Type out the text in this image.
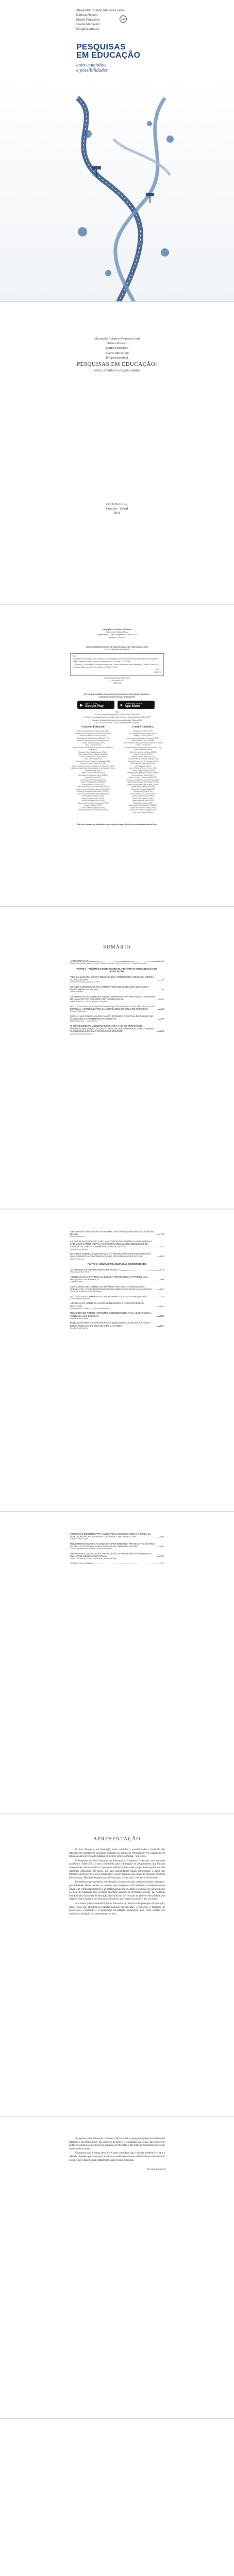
Alexandre Cristino Menezes Leite
Débora Ribeiro
Elaine Francisco
Elaine Marcelino
(Organizadores)
CRV
PESQUISAS
EM EDUCAÇÃO
entre caminhos
e possibilidades
Alexandre Cristino Menezes Leite
Débora Ribeiro
Elaine Francisco
Elaine Marcelino
(Organizadores)
PESQUISAS EM EDUCAÇÃO:
entre caminhos e possibilidades
EDITORA CRV
Curitiba – Brasil
2018
Copyright © da Editora CRV Ltda.
Editor-chefe: Railson Moura
Diagramação e Capa: Designers da Editora CRV
Revisão: Os Autores
DADOS INTERNACIONAIS DE CATALOGAÇÃO NA PUBLICAÇÃO (CIP)
CATALOGAÇÃO NA FONTE
P47
Pesquisas em educação: entre caminhos e possibilidades / Alexandre Cristino Menezes Leite, Débora Ribeiro, Elaine Francisco, Elaine Marcelino (organizadores) – Curitiba : CRV, 2018.
1. Educação 2. Psicologia 3. Políticas educacionais I. Leite, Alexandre Cristino Menezes. II. Ribeiro, Débora. III. Francisco, Elaine. IV. Marcelino, Elaine. V. Título VI. Série
CDU 37
CDD 370
Índice para catálogo sistemático
1. Educação 370
ISBN 978
ESTA OBRA TAMBÉM ENCONTRA-SE DISPONÍVEL EM FORMATO DIGITAL.
CONHEÇA E BAIXE NOSSO APLICATIVO!
▶ GET IT ON
Google Play	● Download on the
App Store
2018
Foi feito o depósito legal conf. Lei 10.994 de 14/12/2004
Proibida a reprodução parcial ou total desta obra sem autorização da Editora CRV
Todos os direitos desta edição reservados pela: Editora CRV
Tel.: (41) 3039-6418 - E-mail: sac@editoracrv.com.br
Conselho Editorial:
Aldira Guimarães Duarte Domínguez (UNB)
Andréia da Silva Quintanilha Sousa (UNIR/UFRN)
Antônio Pereira Gaio Júnior (UFRRJ)
Carlos Alberto Vilar Estêvão (UMINHO – PT)
Carlos Federico Dominguez Avila (Unieuro)
Carmen Tereza Velanga (UNIR)
Celso Conti (UFSCar)
Cesar Gerónimo Tello (Univer. Nacional Três de Febrero – Argentina)
Eduardo Fernandes Barbosa (UFMG)
Elione Maria Nogueira Diogenes (UFAL)
Elizeu Clementino de Souza (UNEB)
Élsio José Corá (UFFS)
Fernando Antônio Gonçalves Alcoforado (IPB)
Francisco Carlos Duarte (PUC-PR)
Gloria Fariñas León (Universidade de La Havana – Cuba)
Guillermo Arias Beatón (Universidade de La Havana – Cuba)
Helmuth Krüger (UCP)
Jailson Alves dos Santos (UFRJ)
João Adalberto Campato Junior (UNESP)
Josania Portela (UFPI)
Leonel Severo Rocha (UNISINOS)
Lídia de Oliveira Xavier (UNIEURO)
Lourdes Helena da Silva (UFV)
Maria Cristina dos Santos Bezerra (UFSCar)
Maria de Lourdes Pinto de Almeida (UNOESC)
Maria Lília Imbiriba Sousa Colares (UFOPA)
Paulo Romualdo Hernandes (UNIFAL-MG)
Rodrigo Pratte-Santos (UFES)
Sérgio Nunes de Jesus (IFRO)
Simone Rodrigues Pinto (UNB)
Solange Helena Ximenes-Rocha (UFOPA)
Sydione Santos (UEPG)
Tadeu Oliver Gonçalves (UFPA)
Tania Suely Azevedo Brasileiro (UFOPA)
Comitê Científico:
Altair Alberto Fávero (UPF)
Ana Chrystina Venancio Mignot (UERJ)
Andréia N. Militão (UEMS)
Anna Augusta Sampaio de Oliveira (UNESP)
Barbara Coelho Neves (UFBA)
Cesar Gerónimo Tello (Universidad Nacional de Três de Febrero – Argentina)
Diosnel Centurion (Univ Americ. de Asunción – Py)
Eliane Rose Maio (UEM)
Elizeu Clementino de Souza (UNEB)
Fauston Negreiros (UFPI)
Francisco Ari de Andrade (UFC)
Gláucia Maria dos Santos Jorge (UFOP)
Helder Buenos Aires de Carvalho (UFPI)
Ilma Passos A. Veiga (UNICEUB)
Inês Bragança (UERJ)
José de Ribamar Sousa Pereira (UCB)
Jussara Fraga Portugal (UNEB)
Kilwangy Kya Kapitango-a-Samba (Unemat)
Lourdes Helena da Silva (UFV)
Marcos Vinicius Francisco (UNOESTE)
Maria de Lourdes Pinto de Almeida (UNOESC)
Maria Eurácia Barreto de Andrade (UFRB)
Maria Lília Imbiriba Sousa Colares (UFOPA)
Míguel Ángel Lopes (UNINTER)
Míguel Ángel Lopes (UNINTER)
Mohammed Elhajji (UFRJ)
Mônica Pereira dos Santos (UFRJ)
Najela Tavares Ujiie (UTFPR)
Nilson José Machado (USP)
Sérgio Nunes de Jesus (IFRO)
Silvia Regina Canan (URI)
Sonia Maria Ferreira Koehler (UNISAL)
Suzana dos Santos Gomes (UFMG)
Vânia Alves Martins Chaigar (FURG)
Vera Lucia Gaspar (UDESC)
Este livro passou por avaliação e aprovação às cegas de dois ou mais pareceristas ad hoc.
SUMÁRIO
APRESENTAÇÃO	11
Alexandre Cristino Menezes Leite · Débora Ribeiro · Elaine Francisco · Elaine Marcelino
PARTE 1 · POLÍTICAS EDUCACIONAIS, HISTÓRIA E ORGANIZAÇÃO DA EDUCAÇÃO
VIÉS DA CULTURA, SOFT E EDUCAÇÃO NA PERSPECTIVA DE MARX: CRÍTICA AO SÉCULO XXI	19
Alexandre Cristino Menezes Leite
ESTUDO CURRICULAR: SÃO OBRIGATÓRIO NO CURSO DE PEDAGOGIA: APONTAMENTOS INICIAIS	35
Débora Ribeiro
A FORMAÇÃO DOCENTE NO ENSINO SUPERIOR: PERSPECTIVAS E DESAFIOS DE UMA PRÁTICA DOCENTE CRÍTICO-REFLEXIVA	51
Elaine Francisco · Jessé Virgínio Gonçalves
POLÍTICAS EDUCACIONAIS DE AVALIAÇÃO DO PÚBLICO ALVO DA EDUCAÇÃO ESPECIAL: APONTAMENTOS DA ABORDAGEM DO CICLO DE POLÍTICAS	69
Priscila Figueiredo
ESCOLA MULTISSERIADA DO CAMPO: TECENDO FIOS PARA DISCUSSÃO DE SUA PRÁTICA NA PERSPECTIVA DOCENTE	87
Elaine Marcelino · Laís da Cruz
O CONHECIMENTO MODERNO ESCOLAR E A LEI DO PROFESSOR: PROFISSIONALIZAÇÃO DOCENTE PRECISA SER APRENDER, ASSEGURANDO O APRENDIZADO COMO EXPRESSÃO DOCENTE	103
Aparecida Sirlei Bortoluzzi
A RESTRIÇÃO DAS IDEIAS DE GRAMSCI NAS PESQUISAS EM EDUCAÇÃO NO BRASIL	119
Elaine Marcelino
A CONCEPÇÃO DE EDUCAÇÃO NA COMISSÃO ECONÔMICA PARA AMÉRICA LATINA E O CARIBE (CEPAL) NA PRIMEIRA DÉCADA DO SÉCULO XXI: DA CIÊNCIA DO CAPITAL HUMANO AO CAPITAL SOCIAL	137
Jorgiana dos Santos
ESTUDOS SOBRE A CONSTRUÇÃO E A PRODUÇÃO DA PÓS-GRADUAÇÃO: UMA ANÁLISE DA CONCENTRAÇÃO DA PÓS-GRADUAÇÃO NO PAÍS	153
Elaine Francisco
PARTE 2 · EDUCAÇÃO, CULTURAS E DIVERSIDADE
AS CRIANÇAS E A BRINCADEIRA NA ESCOLA	173
Maria Aparecida Berto
A EDUCAÇÃO DA INFÂNCIA NA ESCOLA: REFLEXÕES A PARTIR DE UMA PESQUISA ETNOGRÁFICA	189
Angélica Alves
A INFLUÊNCIA DE GÊNERO NA INFÂNCIA POR MEIO DA PSICOLOGIA PREVENTIVA: OS BRINQUEDOS E BRINCADEIRAS NA EDUCAÇÃO INFANTIL	207
Poliana Caroline de Macedo Feitosa
SEXUALIDADE E AMBIENTES DISCIPLINARES: A ESCOLA EM QUESTÃO	223
Ciro Ferreira Delatorre
A EDUCAÇÃO SOBRE O ALCOOL HABILIDADES E DOS PROCESSOS DIDÁTICOS	241
Katia Pimenta Soares · Luciana Takeda Alves
RELAÇÕES DE PODER: ASPECTOS CONSIDERADOS PARA ACABAR COM A VIOLÊNCIA NAS ESCOLAS	255
Anna Letícia Padilha
EDUCAÇÃO INFANTIL NAS POLÍTICAS EDUCACIONAIS: UM OLHAR PARA A ESCOLARIZAÇÃO DE CRIANÇAS DE 0 A 5 ANOS	267
Marília Prado Santos
FORMAÇÃO DOCENTE PARA AMBIENTES NÃO ESCOLARES E O PAPEL DA EDUCAÇÃO FACE A UMA INSTITUIÇÃO DE CONTROLE TOTAL	283
Fabiano Elias Lopes
MOVIMENTO NEGRO E A CONQUISTA POR DIREITOS: PRÁTICAS NO SISTEMA DA EDUCAÇÃO PÚBLICA NOS ANOS 1970 E 1980 EM CURITIBA	301
Tatiane Aparecida de Oliveira · Elaine Marcelino
MENDIGANDO A EDUCAÇÃO: A EDUCAÇÃO DE RESISTÊNCIA FEMININA DE MULHERES NEGRAS NO PARANÁ	319
Laura Carvalho de Souza · Jefferson Olivatto da Silva
SOBRE OS AUTORES	337
APRESENTAÇÃO

O livro Pesquisas em Educação: entre caminhos e possibilidades é resultado das reflexões provenientes de pesquisas realizadas no âmbito do Programa de Pós-Graduação em Educação da Universidade Estadual do Centro-Oeste do Paraná – Unicentro.

O Programa de Pós-Graduação em Educação da Unicentro é ofertado com mestrado acadêmico, desde 2013, e tem contribuído para a formação de pesquisadores que buscam compreender, de modo crítico, o processo educativo, bem como propor intervenções em suas diferentes dimensões. Os textos que aqui apresentamos foram selecionados a partir dos trabalhos desenvolvidos pelos mestrandos e pelos docentes das linhas de pesquisa: Políticas Educacionais, História e Organização da Educação; e Educação, Culturas e Diversidade.

Entendemos que a pesquisa em educação se constitui como campo de tensões, disputas e possibilidades. Nesse sentido, os capítulos que compõem a obra refletem a multiplicidade de olhares, de referenciais teóricos e de metodologias que orientam a produção do conhecimento na área. As temáticas aqui reunidas abordam questões da formação docente, das políticas educacionais, da história da educação, das infâncias, das relações de gênero e sexualidade, das relações étnico-raciais e dos processos educativos em espaços escolares e não escolares.

A primeira parte, intitulada Políticas Educacionais, História e Organização da Educação, reúne textos que discutem as políticas públicas em educação, o currículo, a formação de professores, a avaliação e a organização do trabalho pedagógico, bem como estudos que revisitam a produção do conhecimento na área.

A segunda parte, Educação, Culturas e Diversidade, congrega pesquisas que tratam das infâncias e das brincadeiras, das questões de gênero e sexualidade na escola, das relações de poder, da educação em espaços de privação de liberdade e das lutas do movimento negro por direitos educacionais.

Esperamos que a leitura deste livro possa contribuir para o debate acadêmico e para a reflexão daqueles que, como nós, acreditam na educação como possibilidade de transformação social e que o diálogo aqui estabelecido inspire novas pesquisas.

Os Organizadores
